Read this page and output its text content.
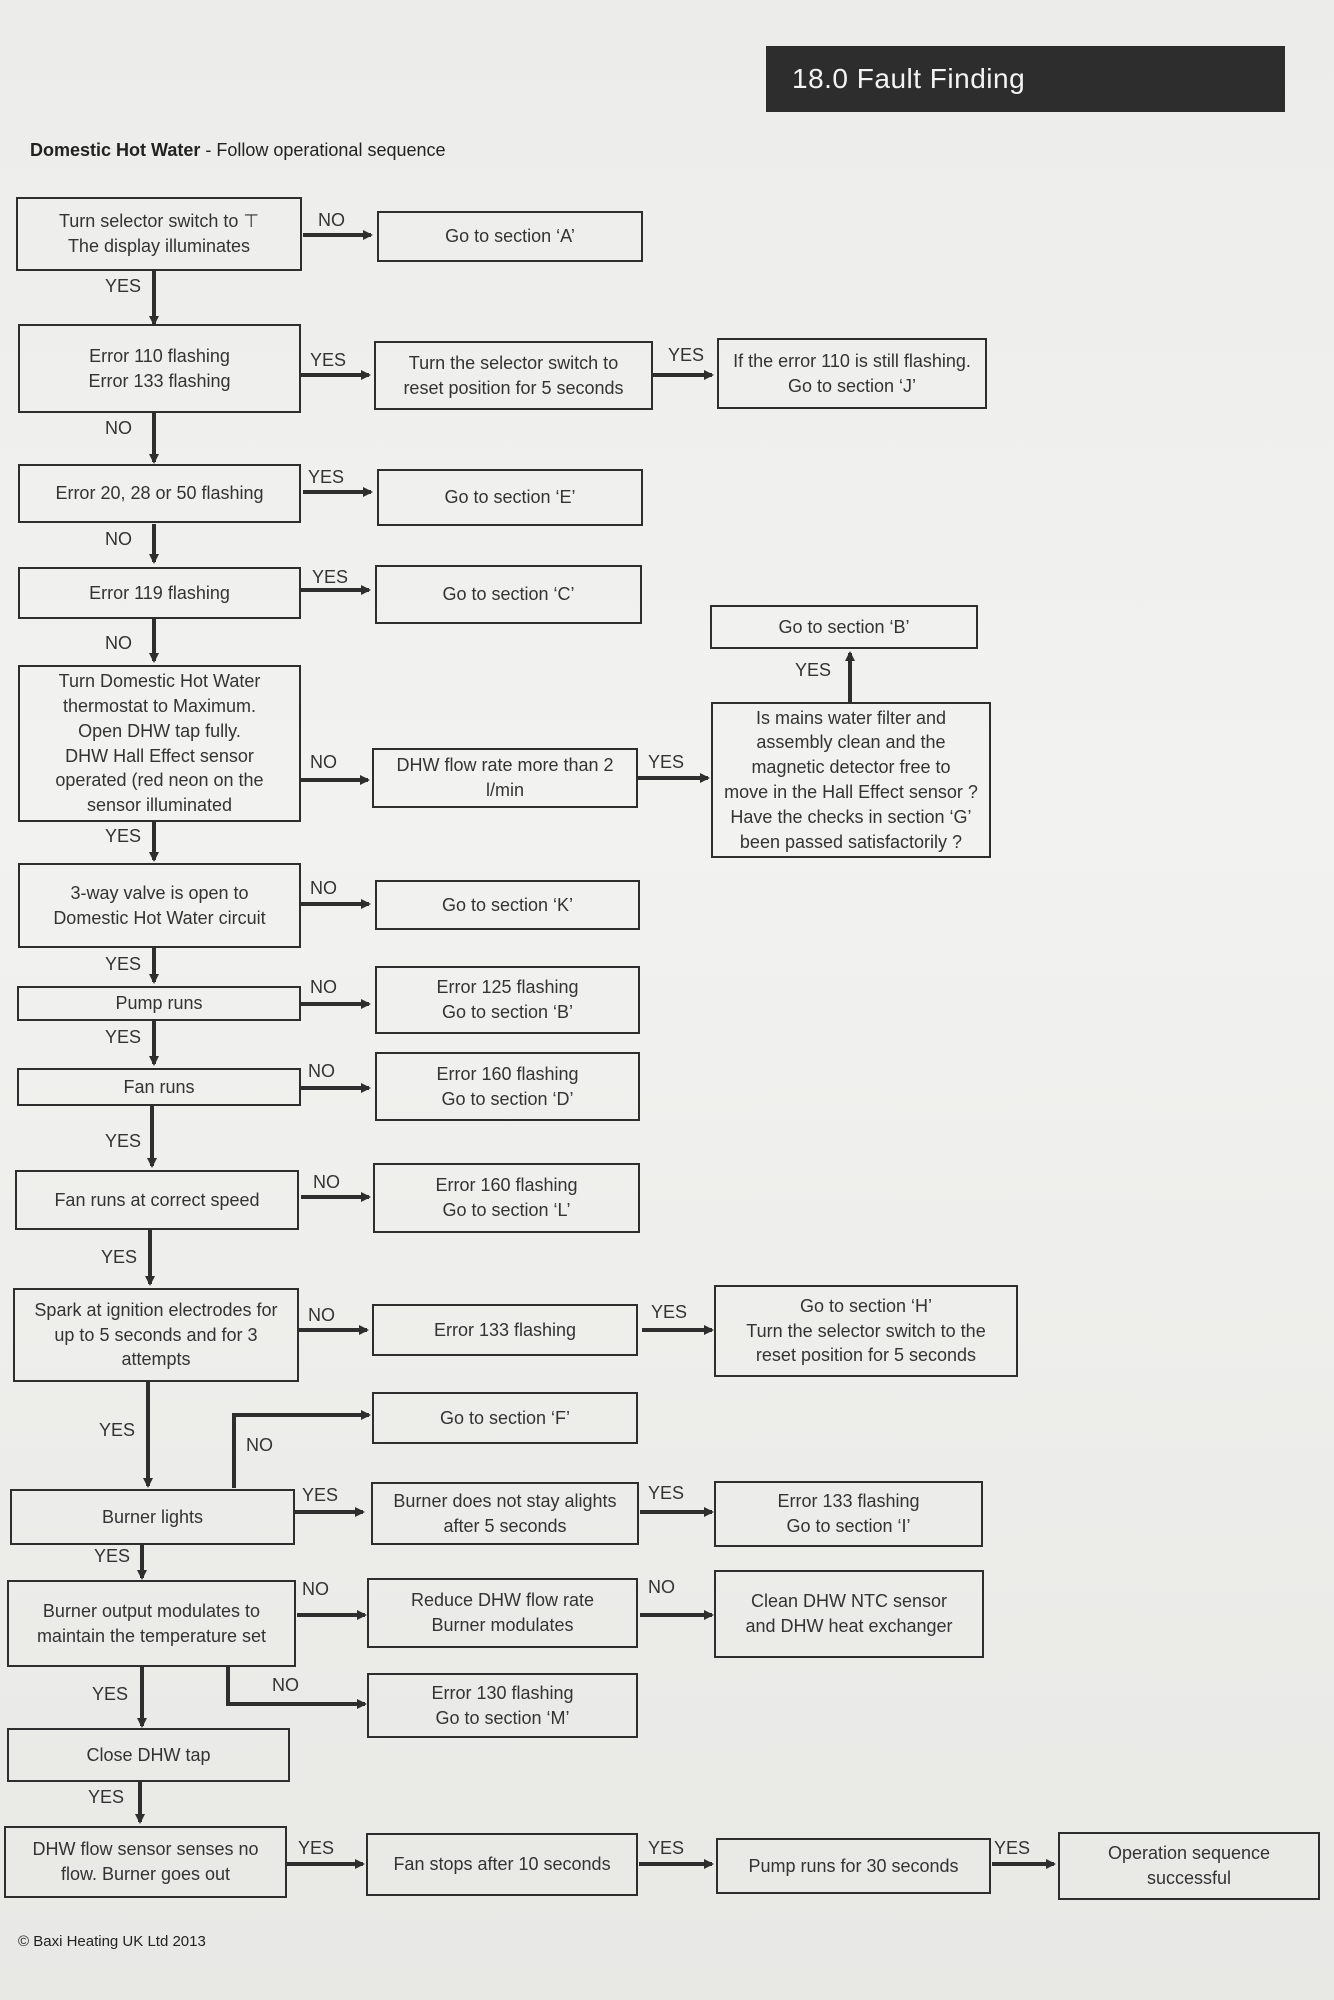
18.0 Fault Finding
Domestic Hot Water - Follow operational sequence
Turn selector switch to ⊤
The display illuminates	Go to section ‘A’
Error 110 flashing
Error 133 flashing
Turn the selector switch to
reset position for 5 seconds
If the error 110 is still flashing.
Go to section ‘J’
Error 20, 28 or 50 flashing	Go to section ‘E’
Error 119 flashing	Go to section ‘C’
Go to section ‘B’
Turn Domestic Hot Water
thermostat to Maximum.
Open DHW tap fully.
DHW Hall Effect sensor
operated (red neon on the
sensor illuminated
DHW flow rate more than 2
l/min
Is mains water filter and
assembly clean and the
magnetic detector free to
move in the Hall Effect sensor ?
Have the checks in section ‘G’
been passed satisfactorily ?
3-way valve is open to
Domestic Hot Water circuit
Go to section ‘K’
Pump runs
Error 125 flashing
Go to section ‘B’
Fan runs
Error 160 flashing
Go to section ‘D’
Fan runs at correct speed
Error 160 flashing
Go to section ‘L’
Spark at ignition electrodes for
up to 5 seconds and for 3
attempts
Error 133 flashing
Go to section ‘H’
Turn the selector switch to the
reset position for 5 seconds
Go to section ‘F’
Burner lights
Burner does not stay alights
after 5 seconds
Error 133 flashing
Go to section ‘I’
Burner output modulates to
maintain the temperature set
Reduce DHW flow rate
Burner modulates
Clean DHW NTC sensor
and DHW heat exchanger
Error 130 flashing
Go to section ‘M’
Close DHW tap
DHW flow sensor senses no
flow. Burner goes out	Fan stops after 10 seconds	Pump runs for 30 seconds
Operation sequence
successful
NO
YES
YES	YES
NO
YES
NO
YES
NO
YES
NO	YES
YES
NO
YES
NO
YES
NO
YES
NO
YES
NO	YES
YES
NO
YES	YES
YES
NO	NO
YES	NO
YES
YES	YES	YES
© Baxi Heating UK Ltd 2013
